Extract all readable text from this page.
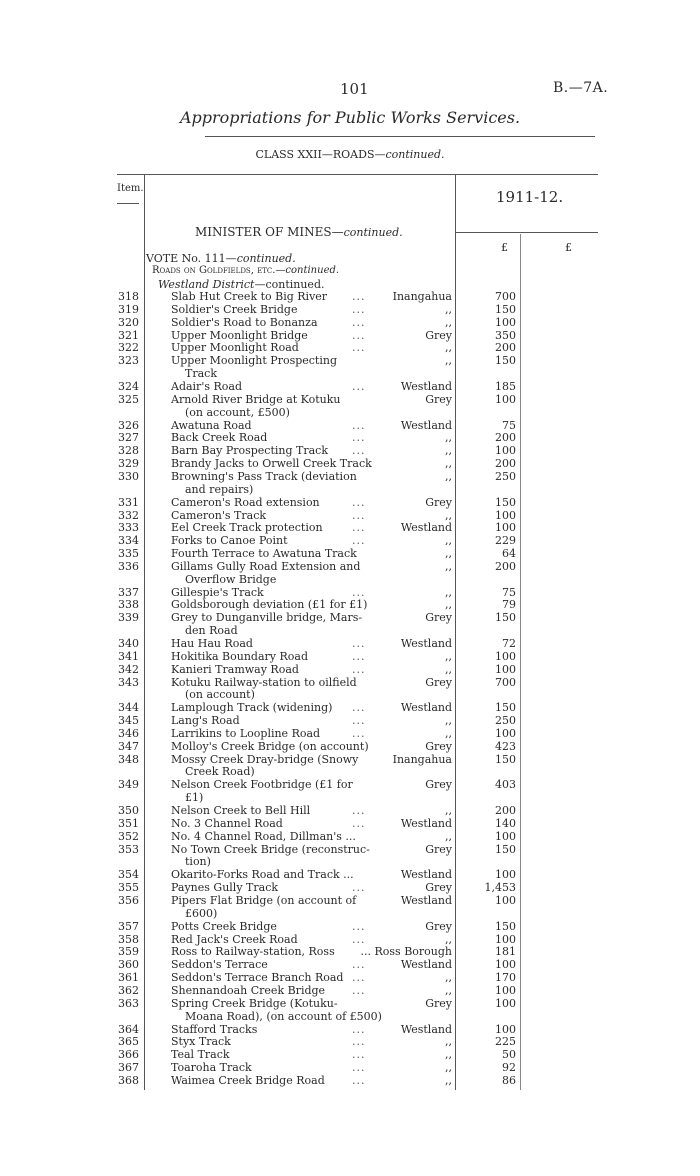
101	B.—7A.
Appropriations for Public Works Services.
CLASS XXII—ROADS—continued.
Item.	1911-12.
£	£
MINISTER OF MINES—continued.
VOTE No. 111—continued.
Roads on Goldfields, etc.—continued.
Westland District—continued.
318	Slab Hut Creek to Big River ... Inangahua	700
319	Soldier's Creek Bridge	...	,,	150
320	Soldier's Road to Bonanza	...	,,	100
321	Upper Moonlight Bridge	...	Grey	350
322	Upper Moonlight Road	...	,,	200
323	Upper Moonlight Prospecting	,,	150
Track
324	Adair's Road	...	Westland	185
325	Arnold River Bridge at Kotuku	Grey	100
(on account, £500)
326	Awatuna Road	...	Westland	75
327	Back Creek Road	...	,,	200
328	Barn Bay Prospecting Track ...	,,	100
329	Brandy Jacks to Orwell Creek Track	,,	200
330	Browning's Pass Track (deviation	,,	250
and repairs)
331	Cameron's Road extension	...	Grey	150
332	Cameron's Track	...	,,	100
333	Eel Creek Track protection	...	Westland	100
334	Forks to Canoe Point	...	,,	229
335	Fourth Terrace to Awatuna Track	,,	64
336	Gillams Gully Road Extension and	,,	200
Overflow Bridge
337	Gillespie's Track	...	,,	75
338	Goldsborough deviation (£1 for £1)	,,	79
339	Grey to Dunganville bridge, Mars-	Grey	150
den Road
340	Hau Hau Road	...	Westland	72
341	Hokitika Boundary Road	...	,,	100
342	Kanieri Tramway Road	...	,,	100
343	Kotuku Railway-station to oilfield	Grey	700
(on account)
344	Lamplough Track (widening) ...	Westland	150
345	Lang's Road	...	,,	250
346	Larrikins to Loopline Road	...	,,	100
347	Molloy's Creek Bridge (on account)	Grey	423
348	Mossy Creek Dray-bridge (Snowy	Inangahua	150
Creek Road)
349	Nelson Creek Footbridge (£1 for	Grey	403
£1)
350	Nelson Creek to Bell Hill	...	,,	200
351	No. 3 Channel Road	...	Westland	140
352	No. 4 Channel Road, Dillman's ...	,,	100
353	No Town Creek Bridge (reconstruc-	Grey	150
tion)
354	Okarito-Forks Road and Track ...	Westland	100
355	Paynes Gully Track	...	Grey	1,453
356	Pipers Flat Bridge (on account of	Westland	100
£600)
357	Potts Creek Bridge	...	Grey	150
358	Red Jack's Creek Road	...	,,	100
359	Ross to Railway-station, Ross ... Ross Borough	181
360	Seddon's Terrace	...	Westland	100
361	Seddon's Terrace Branch Road ...	,,	170
362	Shennandoah Creek Bridge ...	,,	100
363	Spring Creek Bridge (Kotuku-	Grey	100
Moana Road), (on account of £500)
364	Stafford Tracks	...	Westland	100
365	Styx Track	...	,,	225
366	Teal Track	...	,,	50
367	Toaroha Track	...	,,	92
368	Waimea Creek Bridge Road ...	,,	86
